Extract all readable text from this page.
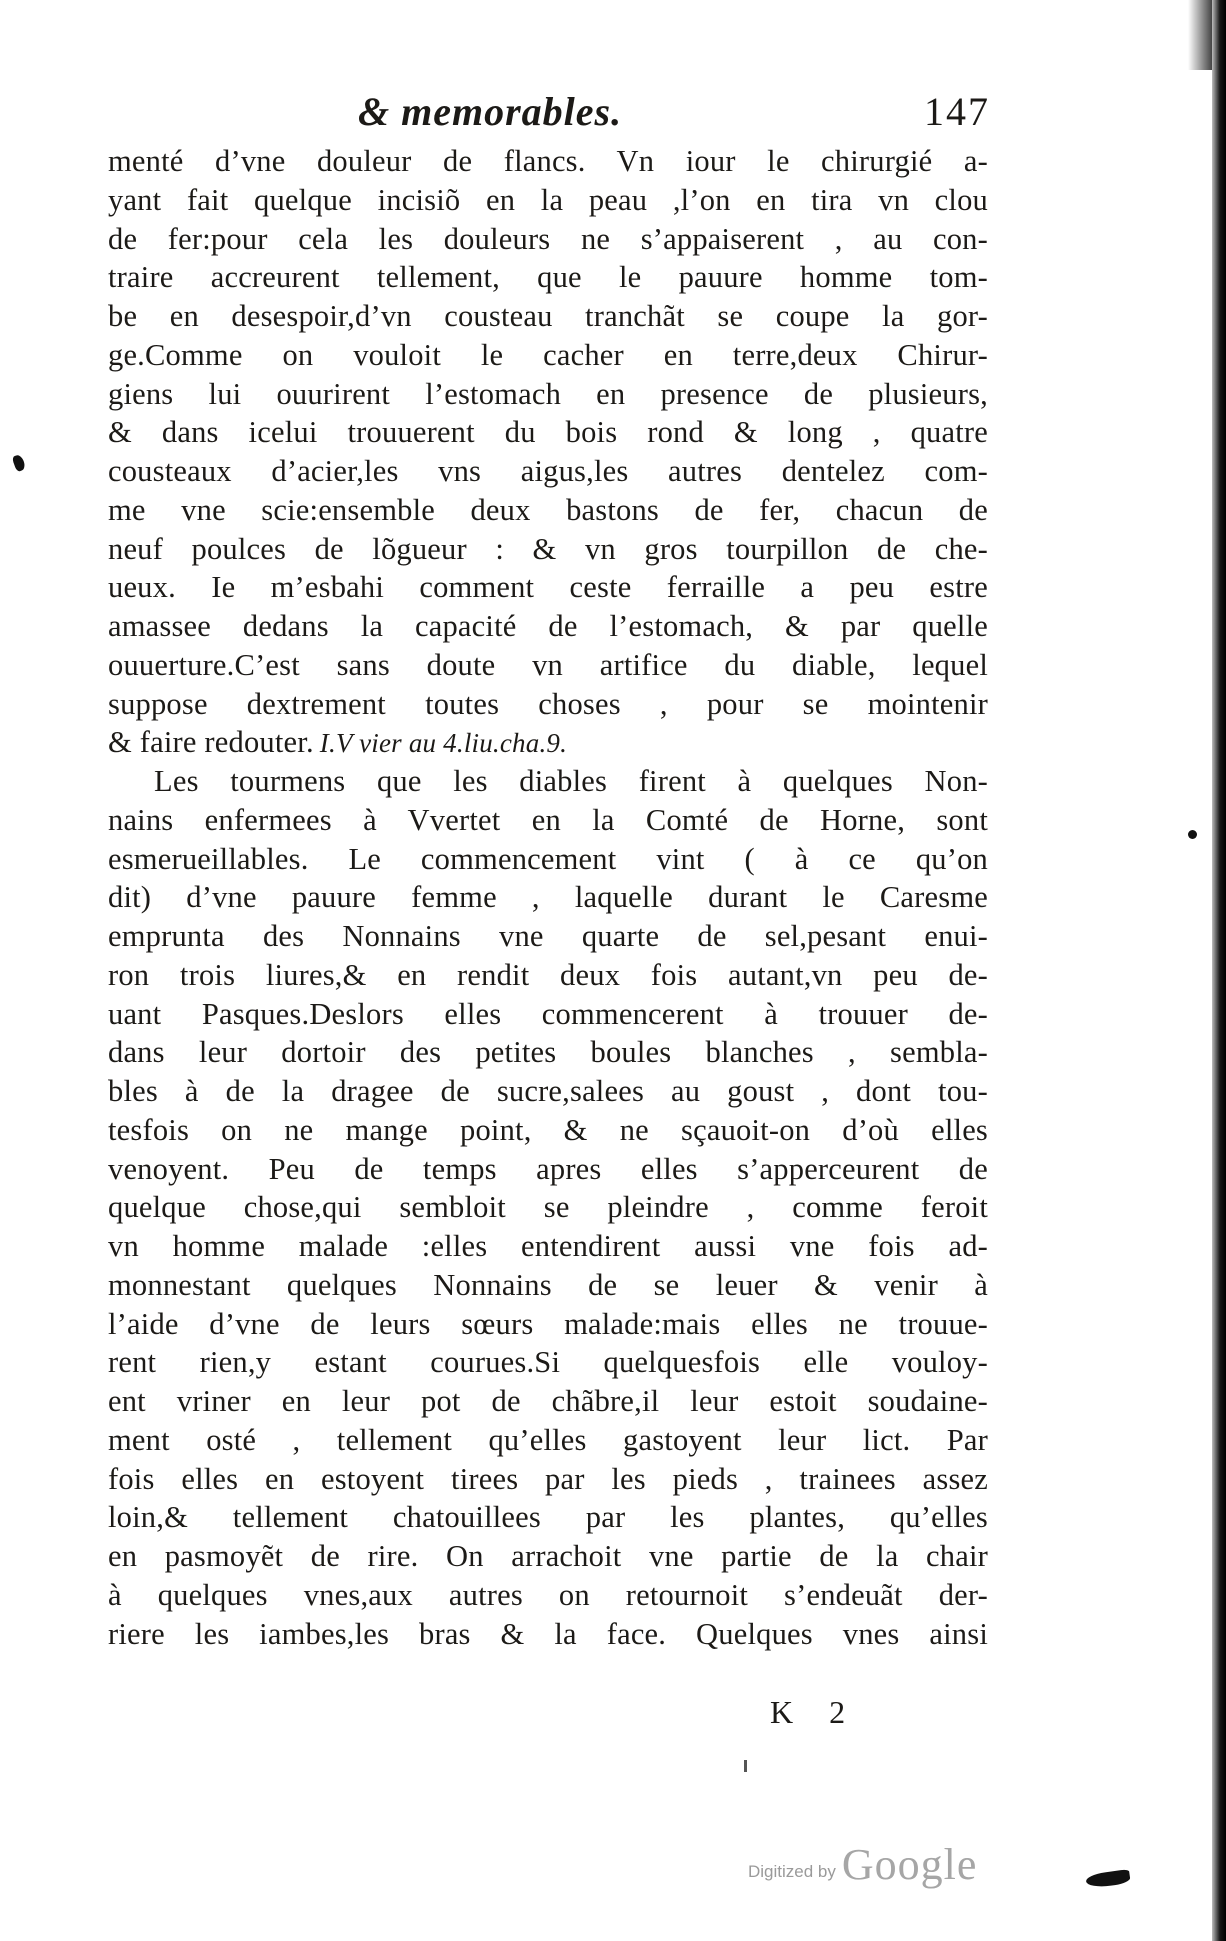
& memorables.	147
menté d’vne douleur de flancs. Vn iour le chirurgié a-
yant fait quelque incisiõ en la peau ,l’on en tira vn clou
de fer:pour cela les douleurs ne s’appaiserent , au con-
traire accreurent tellement, que le pauure homme tom-
be en desespoir,d’vn cousteau tranchãt se coupe la gor-
ge.Comme on vouloit le cacher en terre,deux Chirur-
giens lui ouurirent l’estomach en presence de plusieurs,
& dans icelui trouuerent du bois rond & long , quatre
cousteaux d’acier,les vns aigus,les autres dentelez com-
me vne scie:ensemble deux bastons de fer, chacun de
neuf poulces de lõgueur : & vn gros tourpillon de che-
ueux. Ie m’esbahi comment ceste ferraille a peu estre
amassee dedans la capacité de l’estomach, & par quelle
ouuerture.C’est sans doute vn artifice du diable, lequel
suppose dextrement toutes choses , pour se mointenir
& faire redouter. I.V vier au 4.liu.cha.9.
Les tourmens que les diables firent à quelques Non-
nains enfermees à Vvertet en la Comté de Horne, sont
esmerueillables. Le commencement vint ( à ce qu’on
dit) d’vne pauure femme , laquelle durant le Caresme
emprunta des Nonnains vne quarte de sel,pesant enui-
ron trois liures,& en rendit deux fois autant,vn peu de-
uant Pasques.Deslors elles commencerent à trouuer de-
dans leur dortoir des petites boules blanches , sembla-
bles à de la dragee de sucre,salees au goust , dont tou-
tesfois on ne mange point, & ne sçauoit-on d’où elles
venoyent. Peu de temps apres elles s’apperceurent de
quelque chose,qui sembloit se pleindre , comme feroit
vn homme malade :elles entendirent aussi vne fois ad-
monnestant quelques Nonnains de se leuer & venir à
l’aide d’vne de leurs sœurs malade:mais elles ne trouue-
rent rien,y estant courues.Si quelquesfois elle vouloy-
ent vriner en leur pot de chãbre,il leur estoit soudaine-
ment osté , tellement qu’elles gastoyent leur lict. Par
fois elles en estoyent tirees par les pieds , trainees assez
loin,& tellement chatouillees par les plantes, qu’elles
en pasmoyẽt de rire. On arrachoit vne partie de la chair
à quelques vnes,aux autres on retournoit s’endeuãt der-
riere les iambes,les bras & la face. Quelques vnes ainsi
K 2
Digitized by Google
